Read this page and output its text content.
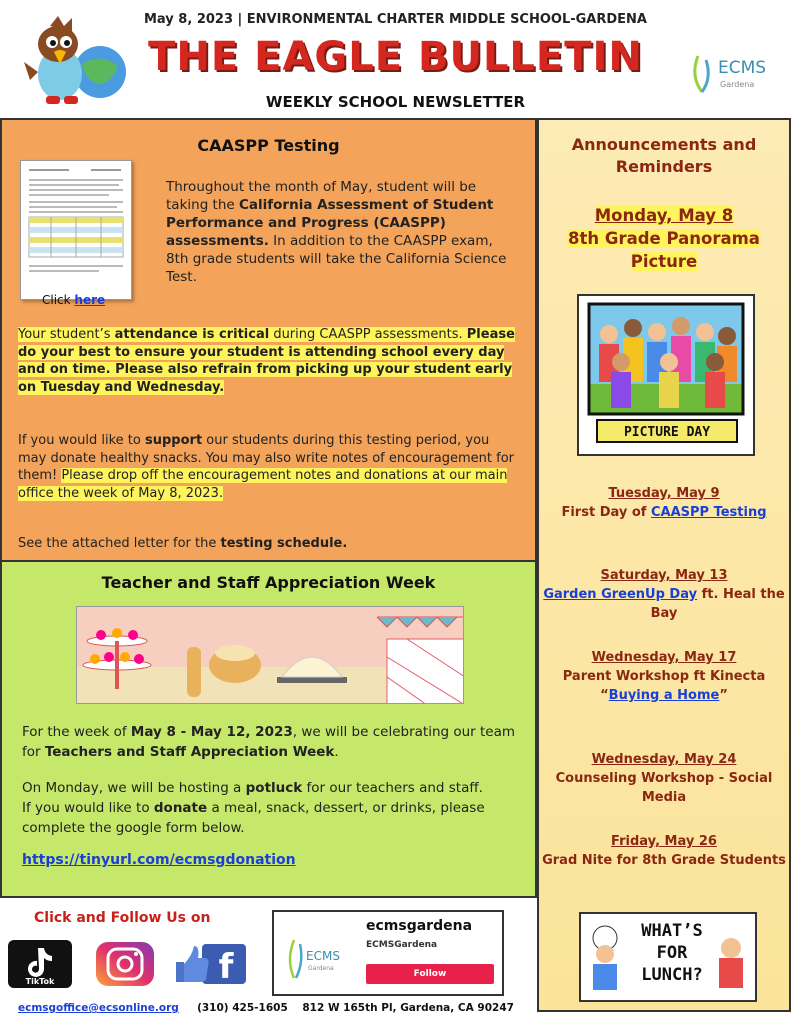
May 8, 2023 | ENVIRONMENTAL CHARTER MIDDLE SCHOOL-GARDENA
THE EAGLE BULLETIN
WEEKLY SCHOOL NEWSLETTER
ECMS
Gardena
CAASPP Testing
Throughout the month of May, student will be taking the California Assessment of Student Performance and Progress (CAASPP) assessments. In addition to the CAASPP exam, 8th grade students will take the California Science Test.
Click here
Your student’s attendance is critical during CAASPP assessments. Please do your best to ensure your student is attending school every day and on time. Please also refrain from picking up your student early on Tuesday and Wednesday.
If you would like to support our students during this testing period, you may donate healthy snacks. You may also write notes of encouragement for them! Please drop off the encouragement notes and donations at our main office the week of May 8, 2023.
See the attached letter for the testing schedule.
Teacher and Staff Appreciation Week
For the week of May 8 - May 12, 2023, we will be celebrating our team for Teachers and Staff Appreciation Week.
On Monday, we will be hosting a potluck for our teachers and staff. If you would like to donate a meal, snack, dessert, or drinks, please complete the google form below.
https://tinyurl.com/ecmsgdonation
Click and Follow Us on
TikTok	f	ECMS
Gardena
ecmsgardena
ECMSGardena
Follow
ecmsgoffice@ecsonline.org (310) 425-1605 812 W 165th Pl, Gardena, CA 90247
Announcements and
Reminders
Monday, May 8
8th Grade Panorama
Picture
PICTURE DAY
Tuesday, May 9
First Day of CAASPP Testing
Saturday, May 13
Garden GreenUp Day ft. Heal the Bay
Wednesday, May 17
Parent Workshop ft Kinecta
“Buying a Home”
Wednesday, May 24
Counseling Workshop - Social Media
Friday, May 26
Grad Nite for 8th Grade Students
WHAT’S FOR LUNCH?
